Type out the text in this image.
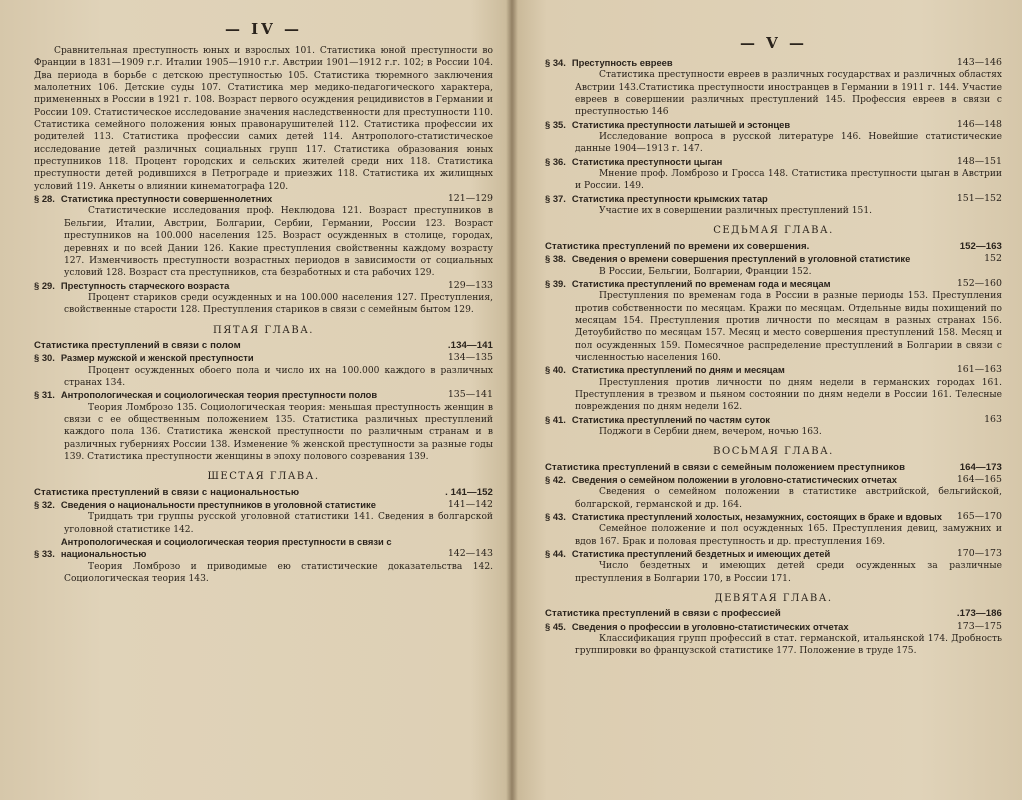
— IV —
Сравнительная преступность юных и взрослых 101. Статистика юной преступности во Франции в 1831—1909 г.г. Италии 1905—1910 г.г. Австрии 1901—1912 г.г. 102; в России 104. Два периода в борьбе с детскою преступностью 105. Статистика тюремного заключения малолетних 106. Детские суды 107. Статистика мер медико-педагогического характера, примененных в России в 1921 г. 108. Возраст первого осуждения рецидивистов в Германии и России 109. Статистическое исследование значения наследственности для преступности 110. Статистика семейного положения юных правонарушителей 112. Статистика профессии их родителей 113. Статистика профессии самих детей 114. Антрополого-статистическое исследование детей различных социальных групп 117. Статистика образования юных преступников 118. Процент городских и сельских жителей среди них 118. Статистика преступности детей родившихся в Петрограде и приезжих 118. Статистика их жилищных условий 119. Анкеты о влиянии кинематографа 120.
§ 28. Статистика преступности совершеннолетних	121—129
Статистические исследования проф. Неклюдова 121. Возраст преступников в Бельгии, Италии, Австрии, Болгарии, Сербии, Германии, России 123. Возраст преступников на 100.000 населения 125. Возраст осужденных в столице, городах, деревнях и по всей Дании 126. Какие преступления свойственны каждому возрасту 127. Изменчивость преступности возрастных периодов в зависимости от социальных условий 128. Возраст ста преступников, ста безработных и ста рабочих 129.
§ 29. Преступность старческого возраста	129—133
Процент стариков среди осужденных и на 100.000 населения 127. Преступления, свойственные старости 128. Преступления стариков в связи с семейным бытом 129.
ПЯТАЯ ГЛАВА.
Статистика преступлений в связи с полом	.134—141
§ 30. Размер мужской и женской преступности	134—135
Процент осужденных обоего пола и число их на 100.000 каждого в различных странах 134.
§ 31. Антропологическая и социологическая теория преступности полов	135—141
Теория Ломброзо 135. Социологическая теория: меньшая преступность женщин в связи с ее общественным положением 135. Статистика различных преступлений каждого пола 136. Статистика женской преступности по различным странам и в различных губерниях России 138. Изменение % женской преступности за разные годы 139. Статистика преступности женщины в эпоху полового созревания 139.
ШЕСТАЯ ГЛАВА.
Статистика преступлений в связи с национальностью	. 141—152
§ 32. Сведения о национальности преступников в уголовной статистике	141—142
Тридцать три группы русской уголовной статистики 141. Сведения в болгарской уголовной статистике 142.
§ 33.
Антропологическая и социологическая теория преступности в связи с национальностью	142—143
Теория Ломброзо и приводимые ею статистические доказательства 142. Социологическая теория 143.
— V —
§ 34. Преступность евреев	143—146
Статистика преступности евреев в различных государствах и различных областях Австрии 143.Статистика преступности иностранцев в Германии в 1911 г. 144. Участие евреев в совершении различных преступлений 145. Профессия евреев в связи с преступностью 146
§ 35. Статистика преступности латышей и эстонцев	146—148
Исследование вопроса в русской литературе 146. Новейшие статистические данные 1904—1913 г. 147.
§ 36. Статистика преступности цыган	148—151
Мнение проф. Ломброзо и Гросса 148. Статистика преступности цыган в Австрии и России. 149.
§ 37. Статистика преступности крымских татар	151—152
Участие их в совершении различных преступлений 151.
СЕДЬМАЯ ГЛАВА.
Статистика преступлений по времени их совершения.	152—163
§ 38. Сведения о времени совершения преступлений в уголовной статистике	152
В России, Бельгии, Болгарии, Франции 152.
§ 39. Статистика преступлений по временам года и месяцам	152—160
Преступления по временам года в России в разные периоды 153. Преступления против собственности по месяцам. Кражи по месяцам. Отдельные виды похищений по месяцам 154. Преступления против личности по месяцам в разных странах 156. Детоубийство по месяцам 157. Месяц и место совершения преступлений 158. Месяц и пол осужденных 159. Помесячное распределение преступлений в Болгарии в связи с численностью населения 160.
§ 40. Статистика преступлений по дням и месяцам	161—163
Преступления против личности по дням недели в германских городах 161. Преступления в трезвом и пьяном состоянии по дням недели в России 161. Телесные повреждения по дням недели 162.
§ 41. Статистика преступлений по частям суток	163
Поджоги в Сербии днем, вечером, ночью 163.
ВОСЬМАЯ ГЛАВА.
Статистика преступлений в связи с семейным положением преступников	164—173
§ 42. Сведения о семейном положении в уголовно-статистических отчетах	164—165
Сведения о семейном положении в статистике австрийской, бельгийской, болгарской, германской и др. 164.
§ 43. Статистика преступлений холостых, незамужних, состоящих в браке и вдовых	165—170
Семейное положение и пол осужденных 165. Преступления девиц, замужних и вдов 167. Брак и половая преступность и др. преступления 169.
§ 44. Статистика преступлений бездетных и имеющих детей	170—173
Число бездетных и имеющих детей среди осужденных за различные преступления в Болгарии 170, в России 171.
ДЕВЯТАЯ ГЛАВА.
Статистика преступлений в связи с профессией	.173—186
§ 45. Сведения о профессии в уголовно-статистических отчетах	173—175
Классификация групп профессий в стат. германской, итальянской 174. Дробность группировки во французской статистике 177. Положение в труде 175.
